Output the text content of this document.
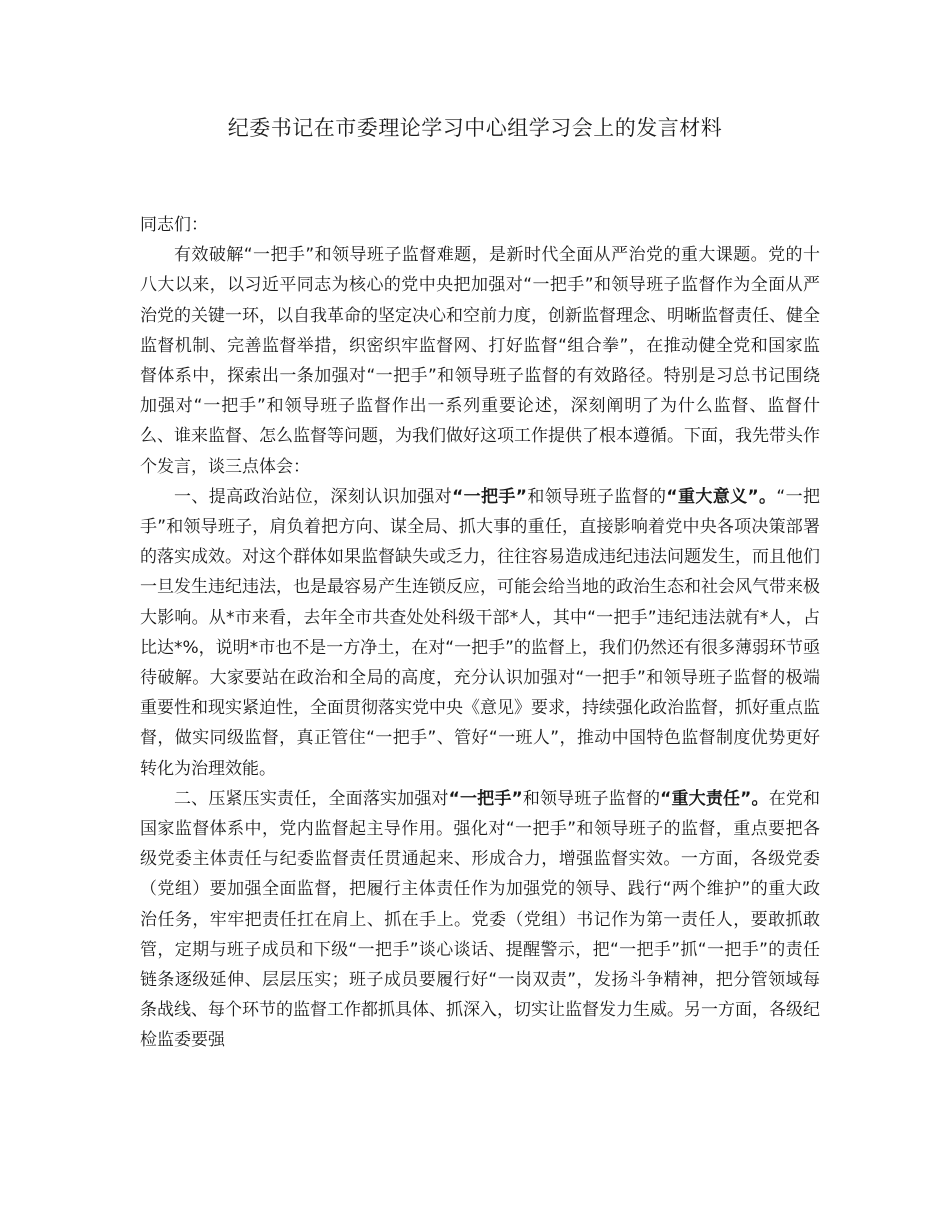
纪委书记在市委理论学习中心组学习会上的发言材料

同志们：

有效破解“一把手”和领导班子监督难题，是新时代全面从严治党的重大课题。党的十八大以来，以习近平同志为核心的党中央把加强对“一把手”和领导班子监督作为全面从严治党的关键一环，以自我革命的坚定决心和空前力度，创新监督理念、明晰监督责任、健全监督机制、完善监督举措，织密织牢监督网、打好监督“组合拳”，在推动健全党和国家监督体系中，探索出一条加强对“一把手”和领导班子监督的有效路径。特别是习总书记围绕加强对“一把手”和领导班子监督作出一系列重要论述，深刻阐明了为什么监督、监督什么、谁来监督、怎么监督等问题，为我们做好这项工作提供了根本遵循。下面，我先带头作个发言，谈三点体会：

一、提高政治站位，深刻认识加强对“一把手”和领导班子监督的“重大意义”。“一把手”和领导班子，肩负着把方向、谋全局、抓大事的重任，直接影响着党中央各项决策部署的落实成效。对这个群体如果监督缺失或乏力，往往容易造成违纪违法问题发生，而且他们一旦发生违纪违法，也是最容易产生连锁反应，可能会给当地的政治生态和社会风气带来极大影响。从*市来看，去年全市共查处处科级干部*人，其中“一把手”违纪违法就有*人，占比达*%，说明*市也不是一方净土，在对“一把手”的监督上，我们仍然还有很多薄弱环节亟待破解。大家要站在政治和全局的高度，充分认识加强对“一把手”和领导班子监督的极端重要性和现实紧迫性，全面贯彻落实党中央《意见》要求，持续强化政治监督，抓好重点监督，做实同级监督，真正管住“一把手”、管好“一班人”，推动中国特色监督制度优势更好转化为治理效能。

二、压紧压实责任，全面落实加强对“一把手”和领导班子监督的“重大责任”。在党和国家监督体系中，党内监督起主导作用。强化对“一把手”和领导班子的监督，重点要把各级党委主体责任与纪委监督责任贯通起来、形成合力，增强监督实效。一方面，各级党委（党组）要加强全面监督，把履行主体责任作为加强党的领导、践行“两个维护”的重大政治任务，牢牢把责任扛在肩上、抓在手上。党委（党组）书记作为第一责任人，要敢抓敢管，定期与班子成员和下级“一把手”谈心谈话、提醒警示，把“一把手”抓“一把手”的责任链条逐级延伸、层层压实；班子成员要履行好“一岗双责”，发扬斗争精神，把分管领域每条战线、每个环节的监督工作都抓具体、抓深入，切实让监督发力生威。另一方面，各级纪检监委要强
